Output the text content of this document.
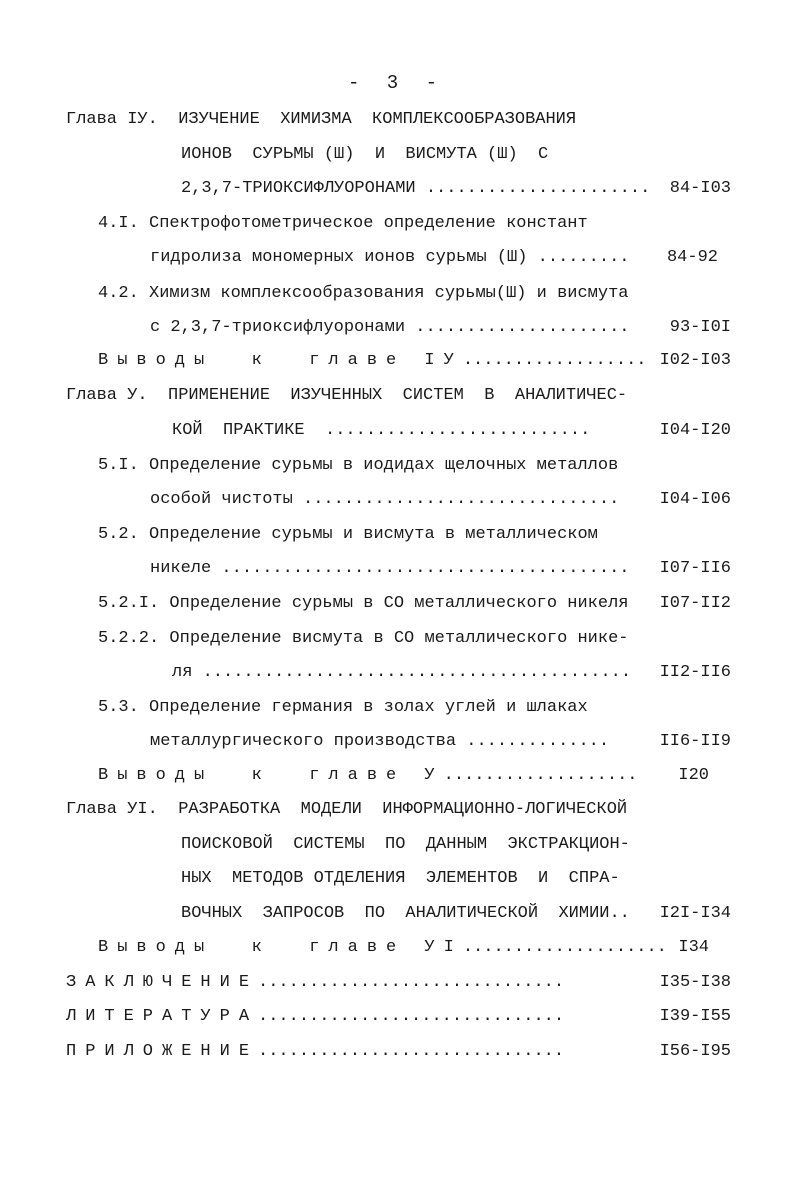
- 3 -
Глава IУ.  ИЗУЧЕНИЕ  ХИМИЗМА  КОМПЛЕКСООБРАЗОВАНИЯ
ИОНОВ  СУРЬМЫ (Ш)  И  ВИСМУТА (Ш)  С
2,3,7-ТРИОКСИФЛУОРОНАМИ ...................... 84-I03
4.I. Спектрофотометрическое определение констант
гидролиза мономерных ионов сурьмы (Ш) ......... 84-92
4.2. Химизм комплексообразования сурьмы(Ш) и висмута
с 2,3,7-триоксифлуоронами ..................... 93-I0I
Выводы  к  главе IУ.................. I02-I03
Глава У.  ПРИМЕНЕНИЕ  ИЗУЧЕННЫХ  СИСТЕМ  В  АНАЛИТИЧЕС-
КОЙ  ПРАКТИКЕ  ..........................	I04-I20
5.I. Определение сурьмы в иодидах щелочных металлов
особой чистоты ............................... I04-I06
5.2. Определение сурьмы и висмута в металлическом
никеле ........................................ I07-II6
5.2.I. Определение сурьмы в СО металлического никеля I07-II2
5.2.2. Определение висмута в СО металлического нике-
ля .......................................... II2-II6
5.3. Определение германия в золах углей и шлаках
металлургического производства ..............	II6-II9
Выводы  к  главе У................... I20
Глава УI.  РАЗРАБОТКА  МОДЕЛИ  ИНФОРМАЦИОННО-ЛОГИЧЕСКОЙ
ПОИСКОВОЙ  СИСТЕМЫ  ПО  ДАННЫМ  ЭКСТРАКЦИОН-
НЫХ  МЕТОДОВ ОТДЕЛЕНИЯ  ЭЛЕМЕНТОВ  И  СПРА-
ВОЧНЫХ  ЗАПРОСОВ  ПО  АНАЛИТИЧЕСКОЙ  ХИМИИ.. I2I-I34
Выводы  к  главе УI.................... I34
ЗАКЛЮЧЕНИЕ..............................	I35-I38
ЛИТЕРАТУРА..............................	I39-I55
ПРИЛОЖЕНИЕ..............................	I56-I95
